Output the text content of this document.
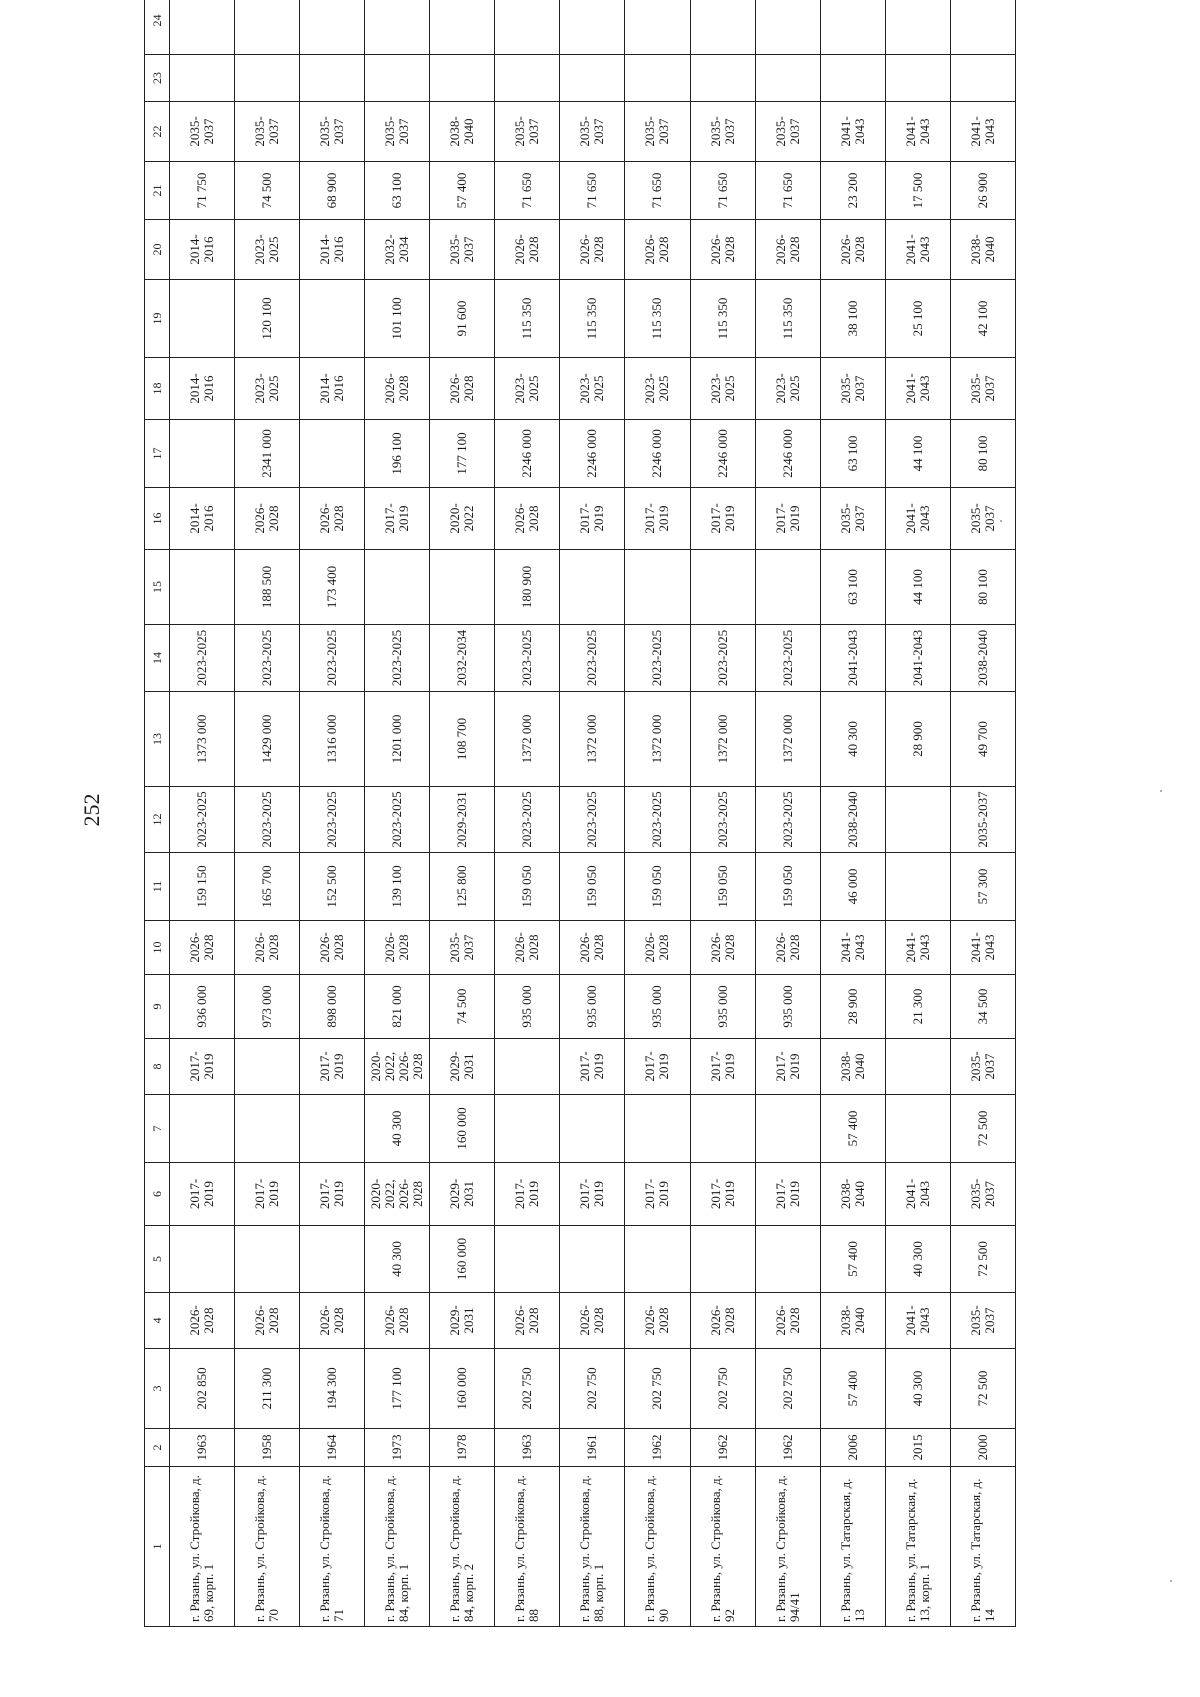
252
1	2	3	4	5	6	7	8	9	10	11	12	13	14	15	16	17	18	19	20	21	22	23	24
г. Рязань, ул. Стройкова, д. 69, корп. 1	1963	202 850	2026-2028		2017-2019		2017-2019	936 000	2026-2028	159 150	2023-2025	1373 000	2023-2025		2014-2016		2014-2016		2014-2016	71 750	2035-2037		
г. Рязань, ул. Стройкова, д. 70	1958	211 300	2026-2028		2017-2019			973 000	2026-2028	165 700	2023-2025	1429 000	2023-2025	188 500	2026-2028	2341 000	2023-2025	120 100	2023-2025	74 500	2035-2037		
г. Рязань, ул. Стройкова, д. 71	1964	194 300	2026-2028		2017-2019		2017-2019	898 000	2026-2028	152 500	2023-2025	1316 000	2023-2025	173 400	2026-2028		2014-2016		2014-2016	68 900	2035-2037		
г. Рязань, ул. Стройкова, д. 84, корп. 1	1973	177 100	2026-2028	40 300	2020-2022, 2026-2028	40 300	2020-2022, 2026-2028	821 000	2026-2028	139 100	2023-2025	1201 000	2023-2025		2017-2019	196 100	2026-2028	101 100	2032-2034	63 100	2035-2037		
г. Рязань, ул. Стройкова, д. 84, корп. 2	1978	160 000	2029-2031	160 000	2029-2031	160 000	2029-2031	74 500	2035-2037	125 800	2029-2031	108 700	2032-2034		2020-2022	177 100	2026-2028	91 600	2035-2037	57 400	2038-2040		
г. Рязань, ул. Стройкова, д. 88	1963	202 750	2026-2028		2017-2019			935 000	2026-2028	159 050	2023-2025	1372 000	2023-2025	180 900	2026-2028	2246 000	2023-2025	115 350	2026-2028	71 650	2035-2037		
г. Рязань, ул. Стройкова, д. 88, корп. 1	1961	202 750	2026-2028		2017-2019		2017-2019	935 000	2026-2028	159 050	2023-2025	1372 000	2023-2025		2017-2019	2246 000	2023-2025	115 350	2026-2028	71 650	2035-2037		
г. Рязань, ул. Стройкова, д. 90	1962	202 750	2026-2028		2017-2019		2017-2019	935 000	2026-2028	159 050	2023-2025	1372 000	2023-2025		2017-2019	2246 000	2023-2025	115 350	2026-2028	71 650	2035-2037		
г. Рязань, ул. Стройкова, д. 92	1962	202 750	2026-2028		2017-2019		2017-2019	935 000	2026-2028	159 050	2023-2025	1372 000	2023-2025		2017-2019	2246 000	2023-2025	115 350	2026-2028	71 650	2035-2037		
г. Рязань, ул. Стройкова, д. 94/41	1962	202 750	2026-2028		2017-2019		2017-2019	935 000	2026-2028	159 050	2023-2025	1372 000	2023-2025		2017-2019	2246 000	2023-2025	115 350	2026-2028	71 650	2035-2037		
г. Рязань, ул. Татарская, д. 13	2006	57 400	2038-2040	57 400	2038-2040	57 400	2038-2040	28 900	2041-2043	46 000	2038-2040	40 300	2041-2043	63 100	2035-2037	63 100	2035-2037	38 100	2026-2028	23 200	2041-2043		
г. Рязань, ул. Татарская, д. 13, корп. 1	2015	40 300	2041-2043	40 300	2041-2043			21 300	2041-2043			28 900	2041-2043	44 100	2041-2043	44 100	2041-2043	25 100	2041-2043	17 500	2041-2043		
г. Рязань, ул. Татарская, д. 14	2000	72 500	2035-2037	72 500	2035-2037	72 500	2035-2037	34 500	2041-2043	57 300	2035-2037	49 700	2038-2040	80 100	2035-2037	80 100	2035-2037	42 100	2038-2040	26 900	2041-2043		
